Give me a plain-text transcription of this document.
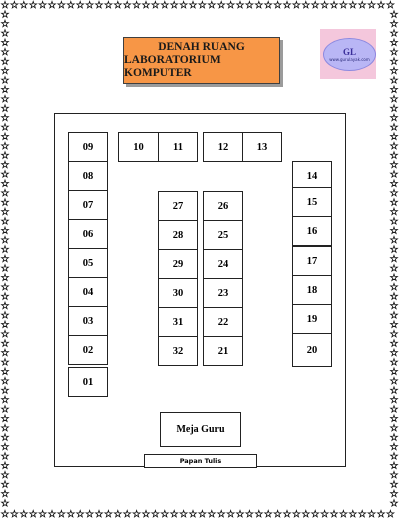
DENAH RUANG
LABORATORIUM KOMPUTER
GL
www.gurulayak.com
09
08
07
06
05
04
03
02
01
10	11	12	13
27
28
29
30
31
32
26
25
24
23
22
21
14
15
16
17
18
19
20
Meja Guru
Papan Tulis
